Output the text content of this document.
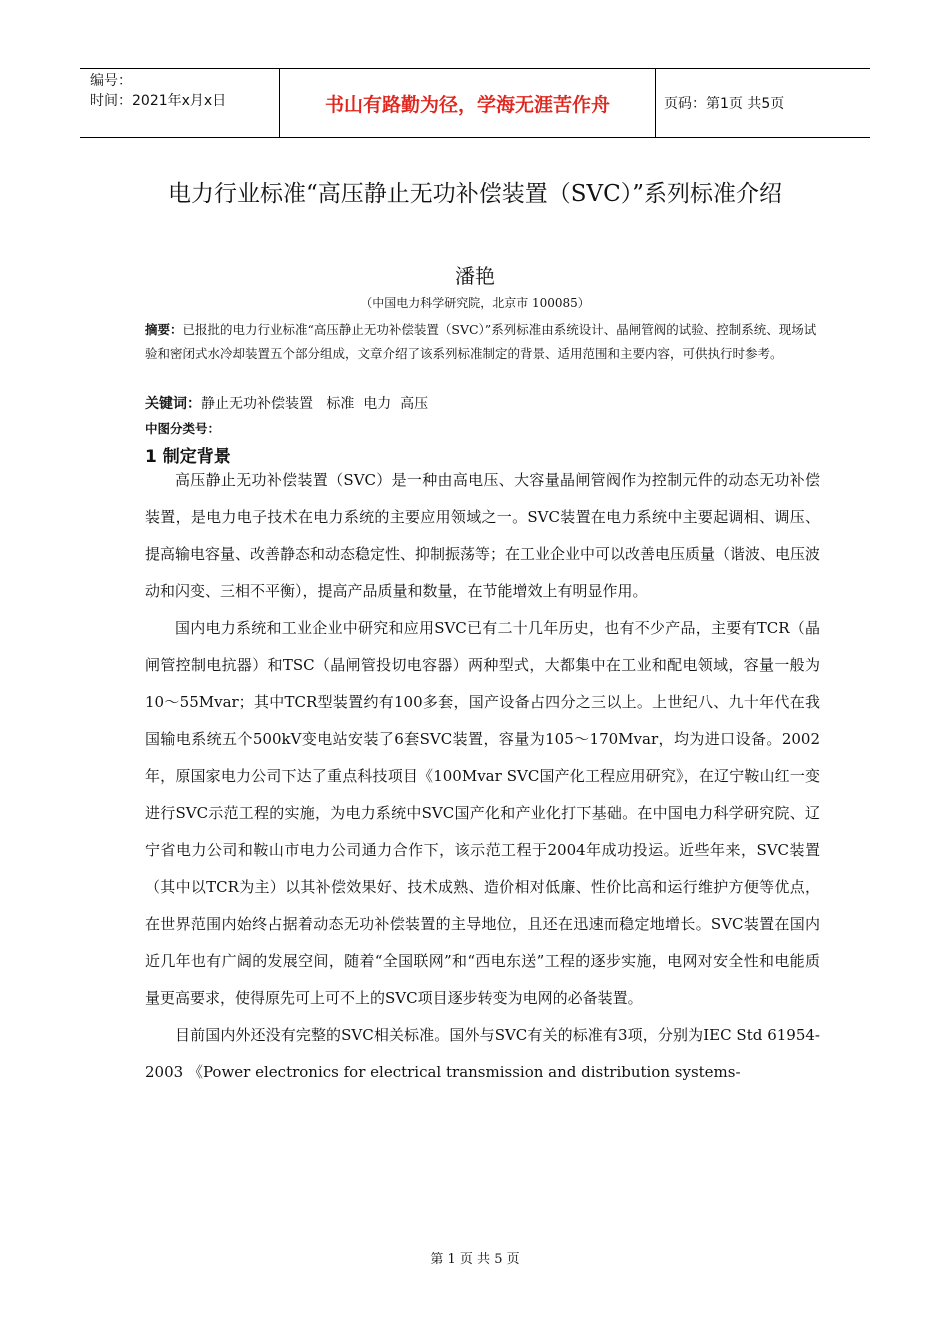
编号：
时间：2021年x月x日	书山有路勤为径，学海无涯苦作舟	页码：第1页 共5页
电力行业标准“高压静止无功补偿装置（SVC）”系列标准介绍
潘艳
（中国电力科学研究院，北京市 100085）
摘要：已报批的电力行业标准“高压静止无功补偿装置（SVC）”系列标准由系统设计、晶闸管阀的试验、控制系统、现场试验和密闭式水冷却装置五个部分组成，文章介绍了该系列标准制定的背景、适用范围和主要内容，可供执行时参考。
关键词：静止无功补偿装置   标准  电力  高压
中图分类号：
1 制定背景

高压静止无功补偿装置（SVC）是一种由高电压、大容量晶闸管阀作为控制元件的动态无功补偿装置，是电力电子技术在电力系统的主要应用领域之一。SVC装置在电力系统中主要起调相、调压、提高输电容量、改善静态和动态稳定性、抑制振荡等；在工业企业中可以改善电压质量（谐波、电压波动和闪变、三相不平衡），提高产品质量和数量，在节能增效上有明显作用。

国内电力系统和工业企业中研究和应用SVC已有二十几年历史，也有不少产品，主要有TCR（晶闸管控制电抗器）和TSC（晶闸管投切电容器）两种型式，大都集中在工业和配电领域，容量一般为10～55Mvar；其中TCR型装置约有100多套，国产设备占四分之三以上。上世纪八、九十年代在我国输电系统五个500kV变电站安装了6套SVC装置，容量为105～170Mvar，均为进口设备。2002年，原国家电力公司下达了重点科技项目《100Mvar SVC国产化工程应用研究》，在辽宁鞍山红一变进行SVC示范工程的实施，为电力系统中SVC国产化和产业化打下基础。在中国电力科学研究院、辽宁省电力公司和鞍山市电力公司通力合作下，该示范工程于2004年成功投运。近些年来，SVC装置（其中以TCR为主）以其补偿效果好、技术成熟、造价相对低廉、性价比高和运行维护方便等优点，在世界范围内始终占据着动态无功补偿装置的主导地位，且还在迅速而稳定地增长。SVC装置在国内近几年也有广阔的发展空间，随着“全国联网”和“西电东送”工程的逐步实施，电网对安全性和电能质量更高要求，使得原先可上可不上的SVC项目逐步转变为电网的必备装置。

目前国内外还没有完整的SVC相关标准。国外与SVC有关的标准有3项，分别为IEC Std 61954-2003 《Power electronics for electrical transmission and distribution systems-

第 1 页 共 5 页
